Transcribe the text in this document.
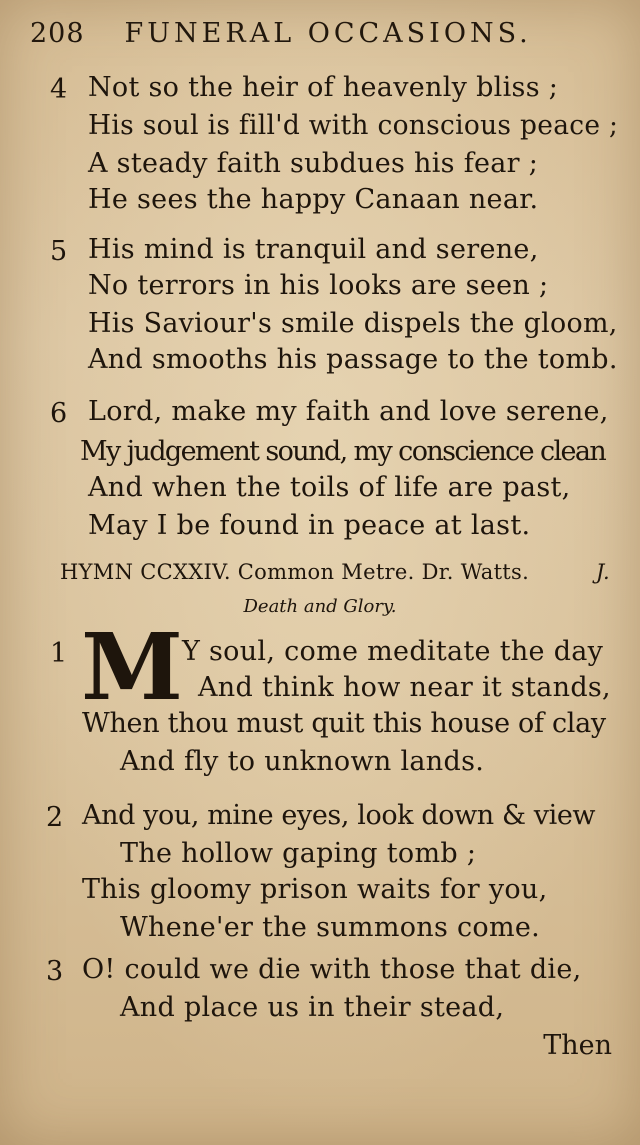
208 FUNERAL OCCASIONS.
4 Not so the heir of heavenly bliss ;
His soul is fill'd with conscious peace ;
A steady faith subdues his fear ;
He sees the happy Canaan near.
5 His mind is tranquil and serene,
No terrors in his looks are seen ;
His Saviour's smile dispels the gloom,
And smooths his passage to the tomb.
6 Lord, make my faith and love serene,
My judgement sound, my conscience clean
And when the toils of life are past,
May I be found in peace at last.
HYMN CCXXIV. Common Metre. Dr. Watts.	J.
Death and Glory.
1 M Y soul, come meditate the day
And think how near it stands,
When thou must quit this house of clay
And fly to unknown lands.
2 And you, mine eyes, look down & view
The hollow gaping tomb ;
This gloomy prison waits for you,
Whene'er the summons come.
3 O! could we die with those that die,
And place us in their stead,
Then
